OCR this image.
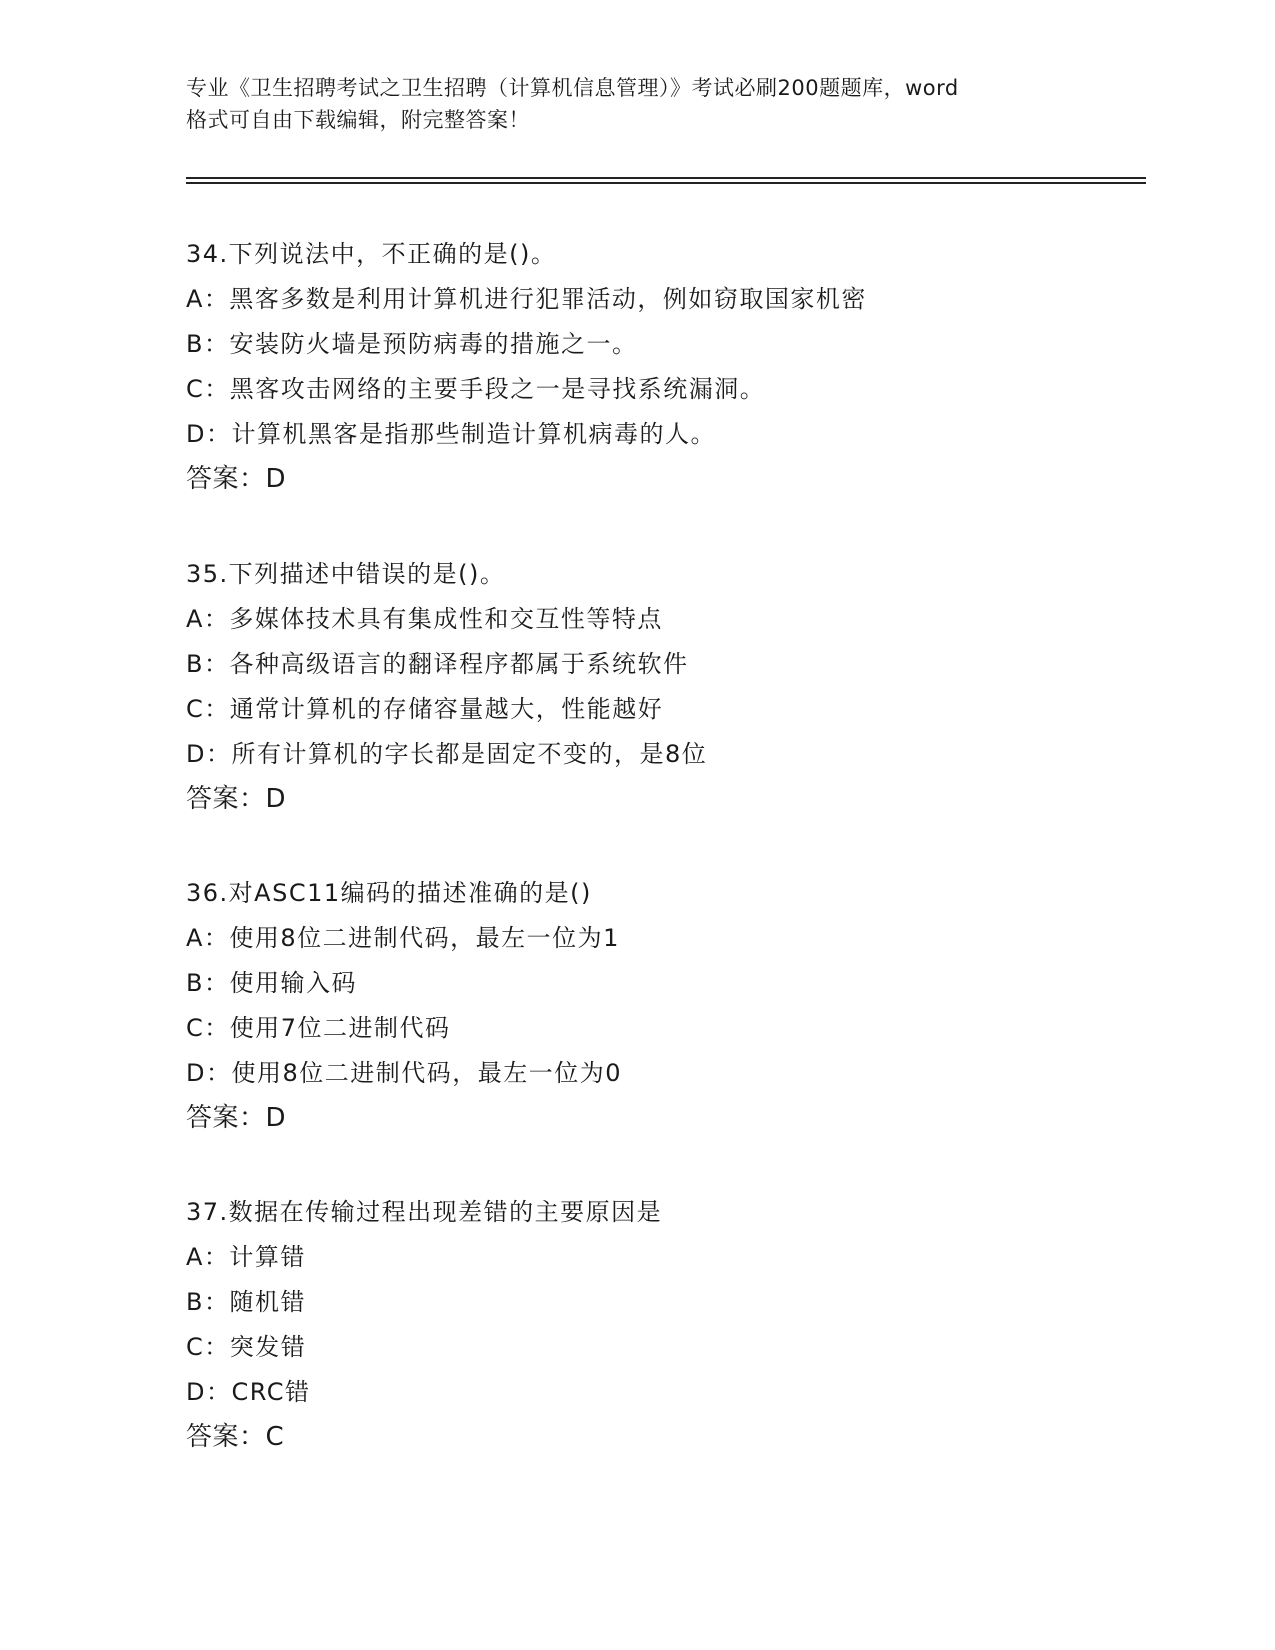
专业《卫生招聘考试之卫生招聘（计算机信息管理）》考试必刷200题题库，word
格式可自由下载编辑，附完整答案！
34.下列说法中，不正确的是()。
A：黑客多数是利用计算机进行犯罪活动，例如窃取国家机密
B：安装防火墙是预防病毒的措施之一。
C：黑客攻击网络的主要手段之一是寻找系统漏洞。
D：计算机黑客是指那些制造计算机病毒的人。
答案：D
35.下列描述中错误的是()。
A：多媒体技术具有集成性和交互性等特点
B：各种高级语言的翻译程序都属于系统软件
C：通常计算机的存储容量越大，性能越好
D：所有计算机的字长都是固定不变的，是8位
答案：D
36.对ASC11编码的描述准确的是()
A：使用8位二进制代码，最左一位为1
B：使用输入码
C：使用7位二进制代码
D：使用8位二进制代码，最左一位为0
答案：D
37.数据在传输过程出现差错的主要原因是
A：计算错
B：随机错
C：突发错
D：CRC错
答案：C
